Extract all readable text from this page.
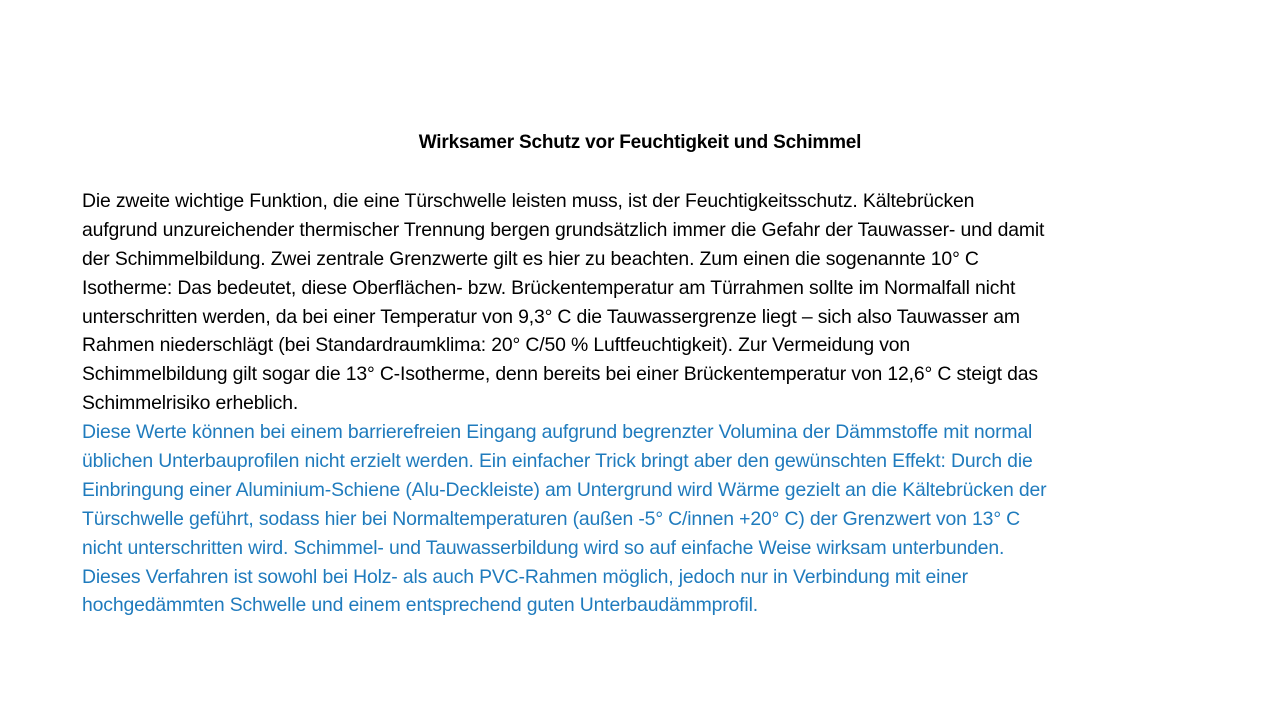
Wirksamer Schutz vor Feuchtigkeit und Schimmel
Die zweite wichtige Funktion, die eine Türschwelle leisten muss, ist der Feuchtigkeitsschutz. Kältebrücken
aufgrund unzureichender thermischer Trennung bergen grundsätzlich immer die Gefahr der Tauwasser- und damit
der Schimmelbildung. Zwei zentrale Grenzwerte gilt es hier zu beachten. Zum einen die sogenannte 10° C
Isotherme: Das bedeutet, diese Oberflächen- bzw. Brückentemperatur am Türrahmen sollte im Normalfall nicht
unterschritten werden, da bei einer Temperatur von 9,3° C die Tauwassergrenze liegt – sich also Tauwasser am
Rahmen niederschlägt (bei Standardraumklima: 20° C/50 % Luftfeuchtigkeit). Zur Vermeidung von
Schimmelbildung gilt sogar die 13° C-Isotherme, denn bereits bei einer Brückentemperatur von 12,6° C steigt das
Schimmelrisiko erheblich.
Diese Werte können bei einem barrierefreien Eingang aufgrund begrenzter Volumina der Dämmstoffe mit normal
üblichen Unterbauprofilen nicht erzielt werden. Ein einfacher Trick bringt aber den gewünschten Effekt: Durch die
Einbringung einer Aluminium-Schiene (Alu-Deckleiste) am Untergrund wird Wärme gezielt an die Kältebrücken der
Türschwelle geführt, sodass hier bei Normaltemperaturen (außen -5° C/innen +20° C) der Grenzwert von 13° C
nicht unterschritten wird. Schimmel- und Tauwasserbildung wird so auf einfache Weise wirksam unterbunden.
Dieses Verfahren ist sowohl bei Holz- als auch PVC-Rahmen möglich, jedoch nur in Verbindung mit einer
hochgedämmten Schwelle und einem entsprechend guten Unterbaudämmprofil.
